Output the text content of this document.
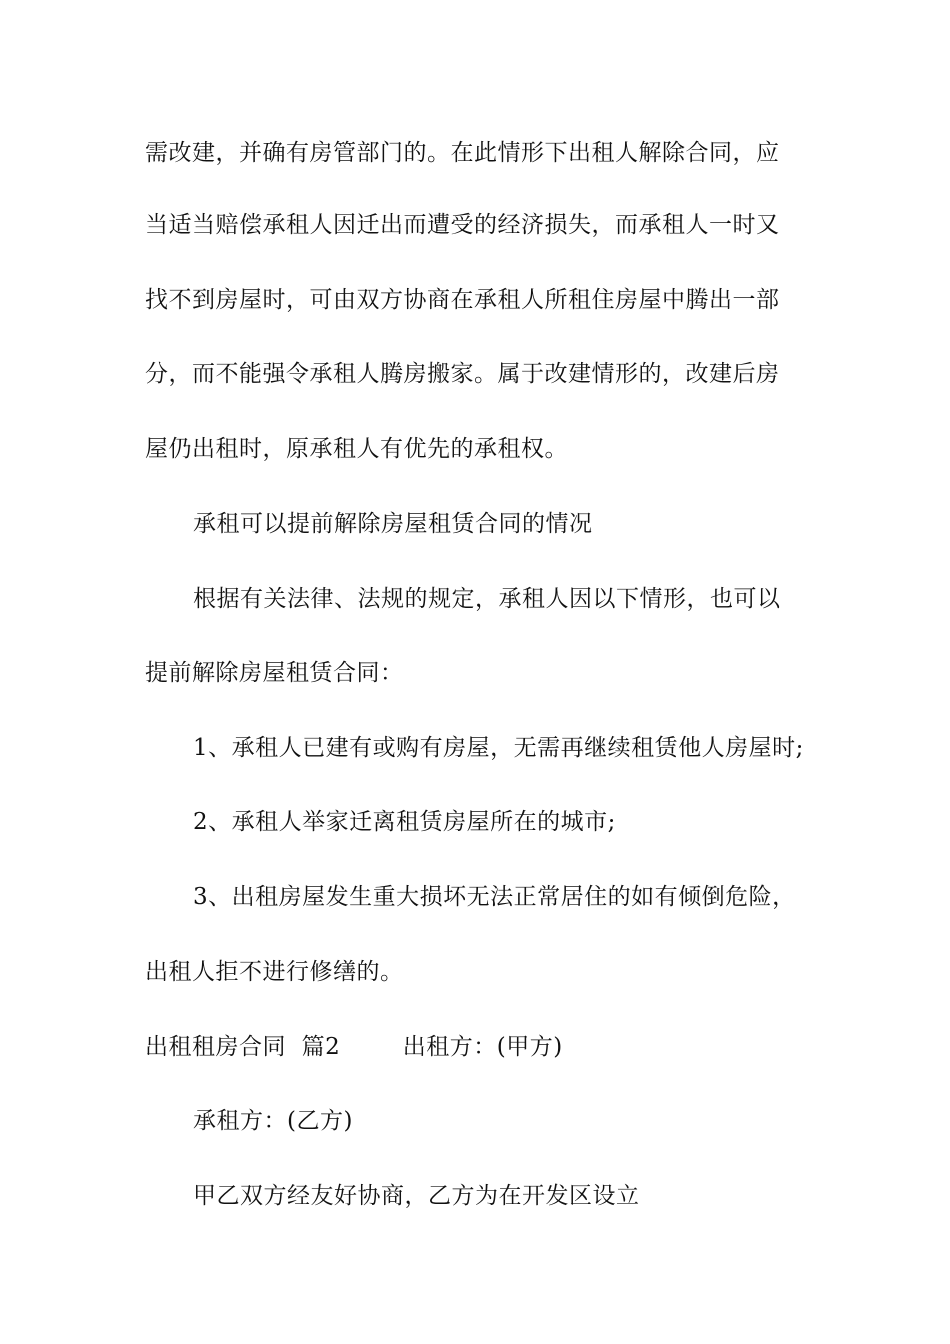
需改建，并确有房管部门的。在此情形下出租人解除合同，应
当适当赔偿承租人因迁出而遭受的经济损失，而承租人一时又
找不到房屋时，可由双方协商在承租人所租住房屋中腾出一部
分，而不能强令承租人腾房搬家。属于改建情形的，改建后房
屋仍出租时，原承租人有优先的承租权。
承租可以提前解除房屋租赁合同的情况
根据有关法律、法规的规定，承租人因以下情形，也可以
提前解除房屋租赁合同：
1、承租人已建有或购有房屋，无需再继续租赁他人房屋时;
2、承租人举家迁离租赁房屋所在的城市;
3、出租房屋发生重大损坏无法正常居住的如有倾倒危险，
出租人拒不进行修缮的。
出租租房合同  篇2        出租方：(甲方)
承租方：(乙方)
甲乙双方经友好协商，乙方为在开发区设立
